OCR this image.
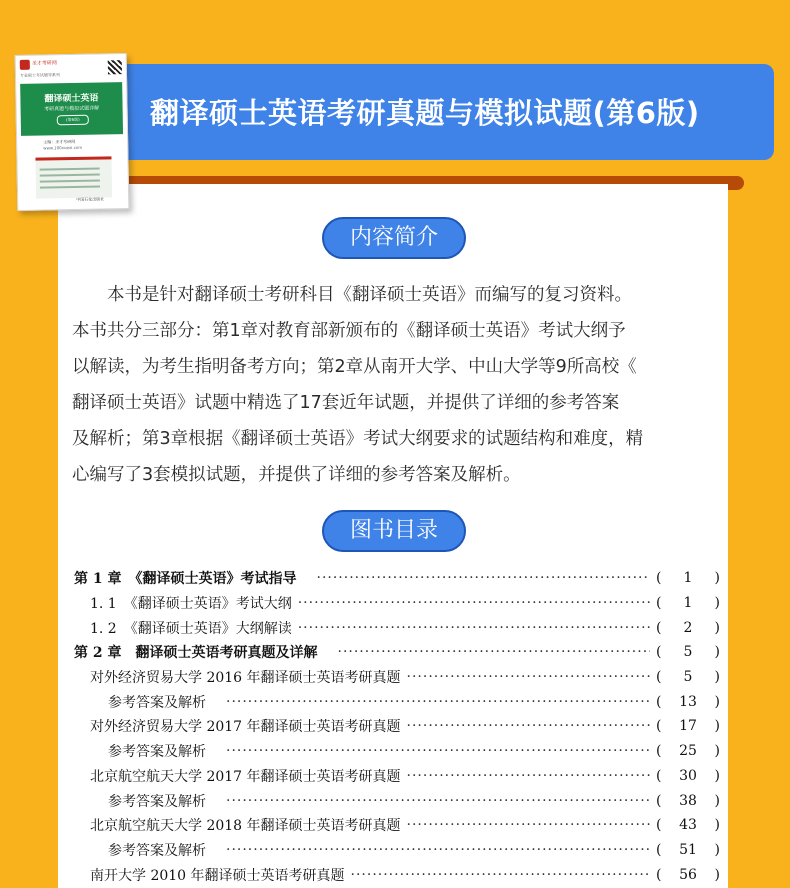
翻译硕士英语考研真题与模拟试题(第6版)
圣才考研网
专业硕士考试辅导系列
翻译硕士英语
考研真题与模拟试题详解
(第6版)
主编：圣才考研网
www.100xuexi.com
中国石化出版社
内容简介
本书是针对翻译硕士考研科目《翻译硕士英语》而编写的复习资料。
本书共分三部分：第1章对教育部新颁布的《翻译硕士英语》考试大纲予
以解读，为考生指明备考方向；第2章从南开大学、中山大学等9所高校《
翻译硕士英语》试题中精选了17套近年试题，并提供了详细的参考答案
及解析；第3章根据《翻译硕士英语》考试大纲要求的试题结构和难度，精
心编写了3套模拟试题，并提供了详细的参考答案及解析。
图书目录
第 1 章　《翻译硕士英语》考试指导 ·····	( 1 )
1. 1　《翻译硕士英语》考试大纲 ·····	( 1 )
1. 2　《翻译硕士英语》大纲解读 ·····	( 2 )
第 2 章　翻译硕士英语考研真题及详解 ·····	( 5 )
对外经济贸易大学 2016 年翻译硕士英语考研真题 ·····	( 5 )
参考答案及解析 ·····	( 13 )
对外经济贸易大学 2017 年翻译硕士英语考研真题 ·····	( 17 )
参考答案及解析 ·····	( 25 )
北京航空航天大学 2017 年翻译硕士英语考研真题 ·····	( 30 )
参考答案及解析 ·····	( 38 )
北京航空航天大学 2018 年翻译硕士英语考研真题 ·····	( 43 )
参考答案及解析 ·····	( 51 )
南开大学 2010 年翻译硕士英语考研真题 ·····	( 56 )
